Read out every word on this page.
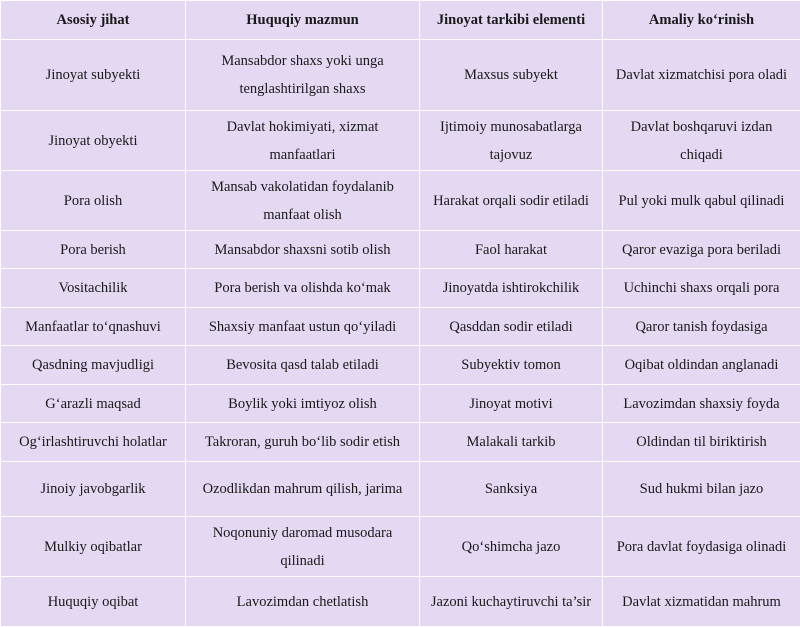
Asosiy jihat	Huquqiy mazmun	Jinoyat tarkibi elementi	Amaliy ko‘rinish
Jinoyat subyekti	Mansabdor shaxs yoki unga tenglashtirilgan shaxs	Maxsus subyekt	Davlat xizmatchisi pora oladi
Jinoyat obyekti	Davlat hokimiyati, xizmat manfaatlari	Ijtimoiy munosabatlarga tajovuz	Davlat boshqaruvi izdan chiqadi
Pora olish	Mansab vakolatidan foydalanib manfaat olish	Harakat orqali sodir etiladi	Pul yoki mulk qabul qilinadi
Pora berish	Mansabdor shaxsni sotib olish	Faol harakat	Qaror evaziga pora beriladi
Vositachilik	Pora berish va olishda ko‘mak	Jinoyatda ishtirokchilik	Uchinchi shaxs orqali pora
Manfaatlar to‘qnashuvi	Shaxsiy manfaat ustun qo‘yiladi	Qasddan sodir etiladi	Qaror tanish foydasiga
Qasdning mavjudligi	Bevosita qasd talab etiladi	Subyektiv tomon	Oqibat oldindan anglanadi
G‘arazli maqsad	Boylik yoki imtiyoz olish	Jinoyat motivi	Lavozimdan shaxsiy foyda
Og‘irlashtiruvchi holatlar	Takroran, guruh bo‘lib sodir etish	Malakali tarkib	Oldindan til biriktirish
Jinoiy javobgarlik	Ozodlikdan mahrum qilish, jarima	Sanksiya	Sud hukmi bilan jazo
Mulkiy oqibatlar	Noqonuniy daromad musodara qilinadi	Qo‘shimcha jazo	Pora davlat foydasiga olinadi
Huquqiy oqibat	Lavozimdan chetlatish	Jazoni kuchaytiruvchi ta’sir	Davlat xizmatidan mahrum
